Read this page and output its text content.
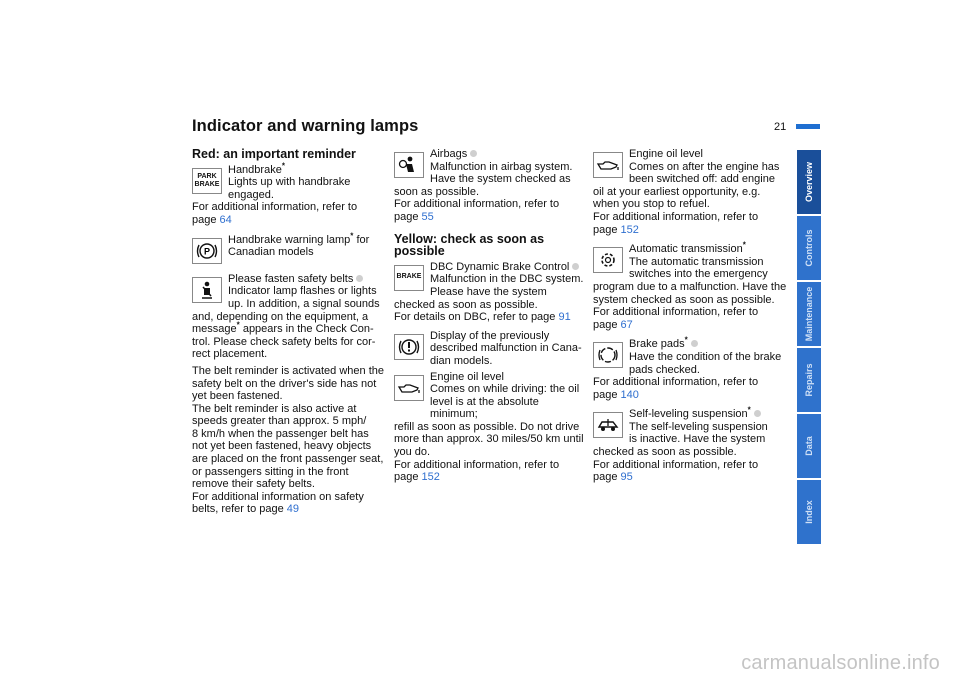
Indicator and warning lamps	21

Red: an important reminder

PARK
BRAKE

Handbrake*

Lights up with handbrake

engaged.

For additional information, refer to

page 64

P

Handbrake warning lamp* for

Canadian models

Please fasten safety belts

Indicator lamp flashes or lights

up. In addition, a signal sounds

and, depending on the equipment, a

message* appears in the Check Con-

trol. Please check safety belts for cor-

rect placement.

The belt reminder is activated when the

safety belt on the driver's side has not

yet been fastened.

The belt reminder is also active at

speeds greater than approx. 5 mph/

8 km/h when the passenger belt has

not yet been fastened, heavy objects

are placed on the front passenger seat,

or passengers sitting in the front

remove their safety belts.

For additional information on safety

belts, refer to page 49

Airbags

Malfunction in airbag system.

Have the system checked as

soon as possible.

For additional information, refer to

page 55

Yellow: check as soon as possible

BRAKE

DBC Dynamic Brake Control

Malfunction in the DBC system.

Please have the system

checked as soon as possible.

For details on DBC, refer to page 91

Display of the previously

described malfunction in Cana-

dian models.

Engine oil level

Comes on while driving: the oil

level is at the absolute minimum;

refill as soon as possible. Do not drive

more than approx. 30 miles/50 km until

you do.

For additional information, refer to

page 152

Engine oil level

Comes on after the engine has

been switched off: add engine

oil at your earliest opportunity, e.g.

when you stop to refuel.

For additional information, refer to

page 152

Automatic transmission*

The automatic transmission

switches into the emergency

program due to a malfunction. Have the

system checked as soon as possible.

For additional information, refer to

page 67

Brake pads*

Have the condition of the brake

pads checked.

For additional information, refer to

page 140

Self-leveling suspension*

The self-leveling suspension

is inactive. Have the system

checked as soon as possible.

For additional information, refer to

page 95

Overview
Controls
Maintenance
Repairs
Data
Index
carmanualsonline.info
